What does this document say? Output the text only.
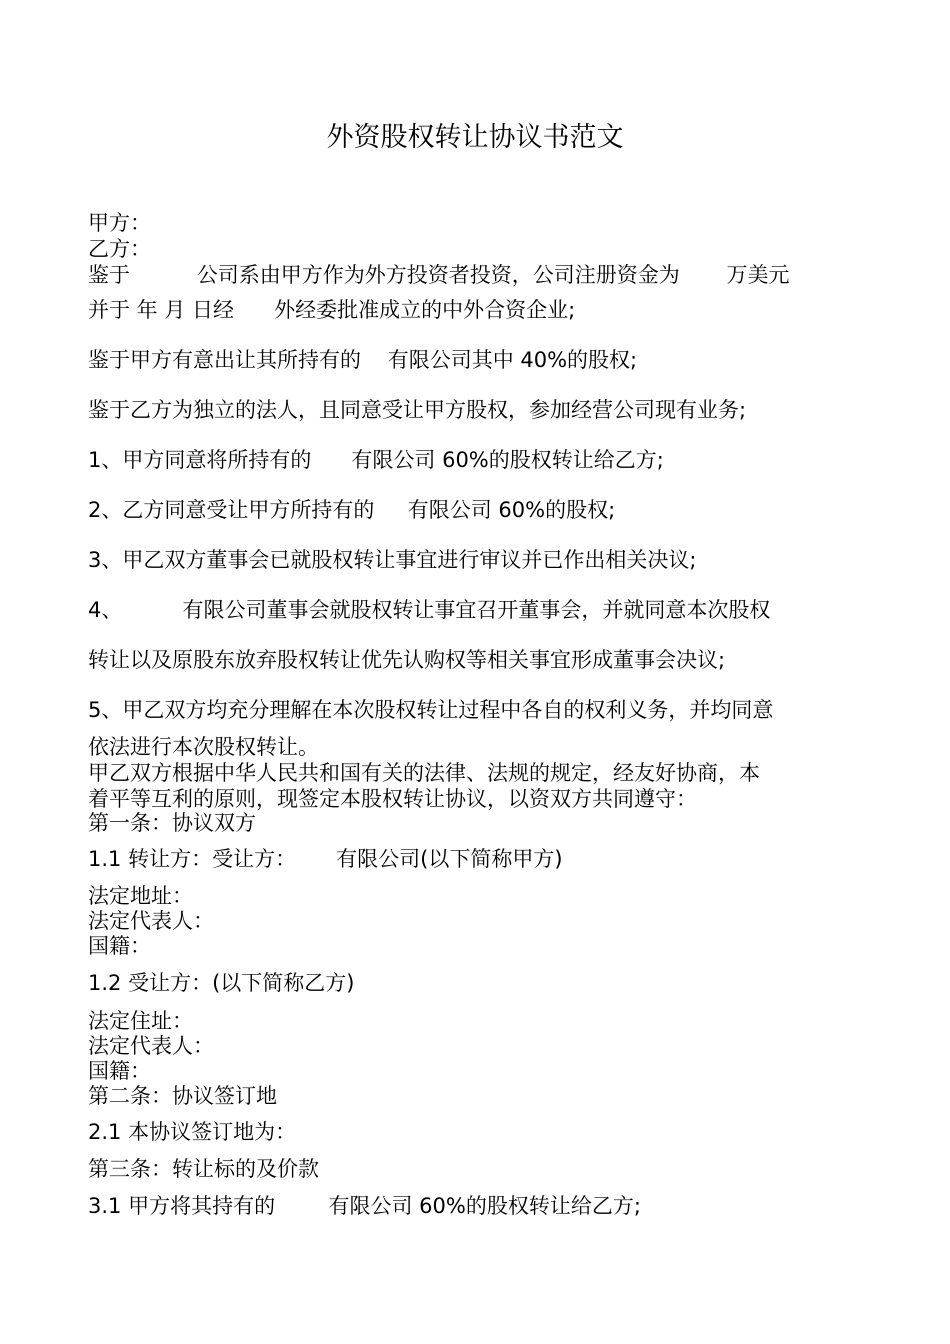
外资股权转让协议书范文
甲方：
乙方：
鉴于          公司系由甲方作为外方投资者投资，公司注册资金为       万美元
并于 年 月 日经      外经委批准成立的中外合资企业;
鉴于甲方有意出让其所持有的    有限公司其中 40%的股权;
鉴于乙方为独立的法人，且同意受让甲方股权，参加经营公司现有业务;
1、甲方同意将所持有的      有限公司 60%的股权转让给乙方;
2、乙方同意受让甲方所持有的     有限公司 60%的股权;
3、甲乙双方董事会已就股权转让事宜进行审议并已作出相关决议;
4、         有限公司董事会就股权转让事宜召开董事会，并就同意本次股权
转让以及原股东放弃股权转让优先认购权等相关事宜形成董事会决议;
5、甲乙双方均充分理解在本次股权转让过程中各自的权利义务，并均同意
依法进行本次股权转让。
甲乙双方根据中华人民共和国有关的法律、法规的规定，经友好协商，本
着平等互利的原则，现签定本股权转让协议，以资双方共同遵守：
第一条：协议双方
1.1 转让方：受让方：      有限公司(以下简称甲方)
法定地址：
法定代表人：
国籍：
1.2 受让方：(以下简称乙方)
法定住址：
法定代表人：
国籍：
第二条：协议签订地
2.1 本协议签订地为：
第三条：转让标的及价款
3.1 甲方将其持有的        有限公司 60%的股权转让给乙方;
